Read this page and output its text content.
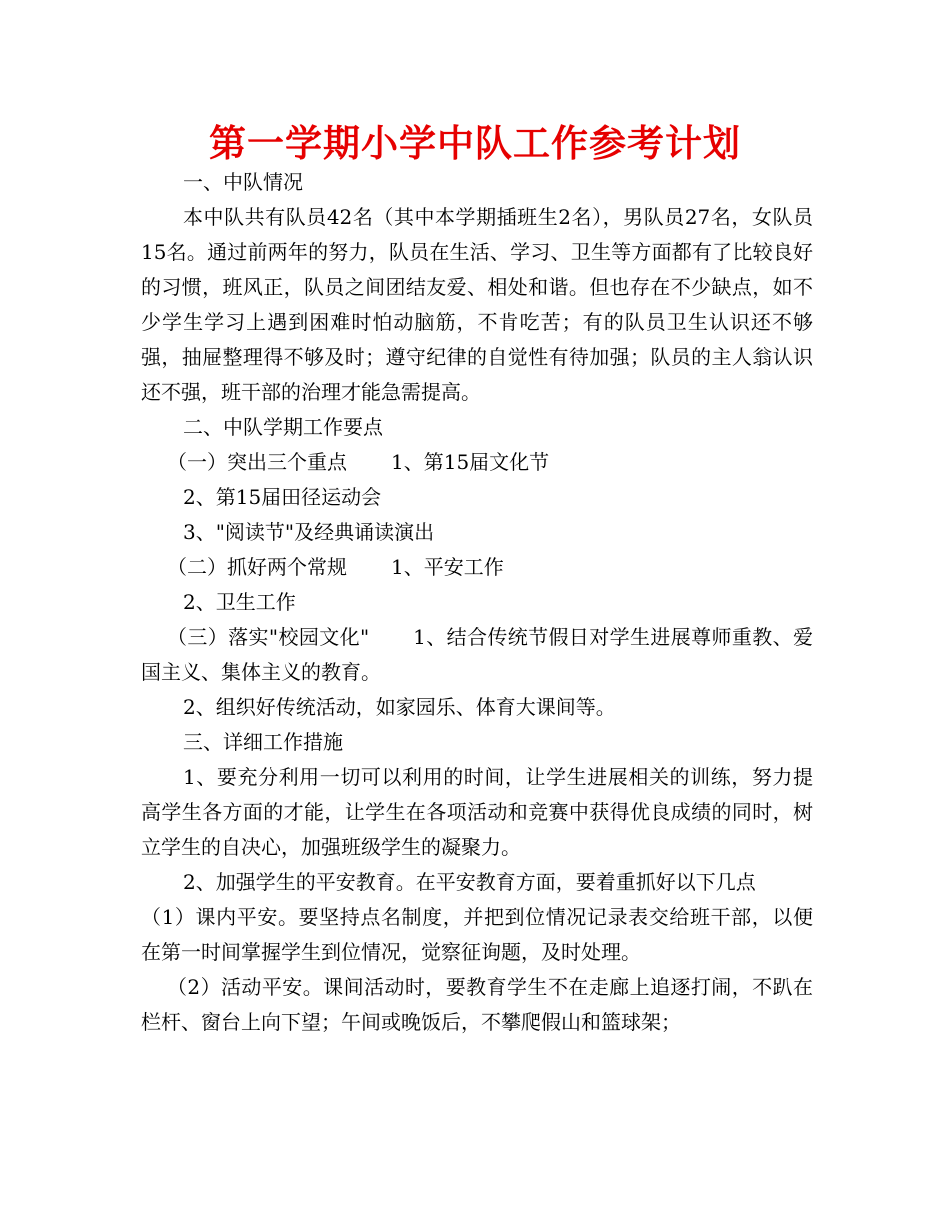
第一学期小学中队工作参考计划

一、中队情况

本中队共有队员42名（其中本学期插班生2名），男队员27名，女队员15名。通过前两年的努力，队员在生活、学习、卫生等方面都有了比较良好的习惯，班风正，队员之间团结友爱、相处和谐。但也存在不少缺点，如不少学生学习上遇到困难时怕动脑筋，不肯吃苦；有的队员卫生认识还不够强，抽屉整理得不够及时；遵守纪律的自觉性有待加强；队员的主人翁认识还不强，班干部的治理才能急需提高。

二、中队学期工作要点

（一）突出三个重点 1、第15届文化节

2、第15届田径运动会

3、"阅读节"及经典诵读演出

（二）抓好两个常规 1、平安工作

2、卫生工作

（三）落实"校园文化" 1、结合传统节假日对学生进展尊师重教、爱国主义、集体主义的教育。

2、组织好传统活动，如家园乐、体育大课间等。

三、详细工作措施

1、要充分利用一切可以利用的时间，让学生进展相关的训练，努力提高学生各方面的才能，让学生在各项活动和竞赛中获得优良成绩的同时，树立学生的自决心，加强班级学生的凝聚力。

2、加强学生的平安教育。在平安教育方面，要着重抓好以下几点

（1）课内平安。要坚持点名制度，并把到位情况记录表交给班干部，以便在第一时间掌握学生到位情况，觉察征询题，及时处理。

（2）活动平安。课间活动时，要教育学生不在走廊上追逐打闹，不趴在栏杆、窗台上向下望；午间或晚饭后，不攀爬假山和篮球架；
